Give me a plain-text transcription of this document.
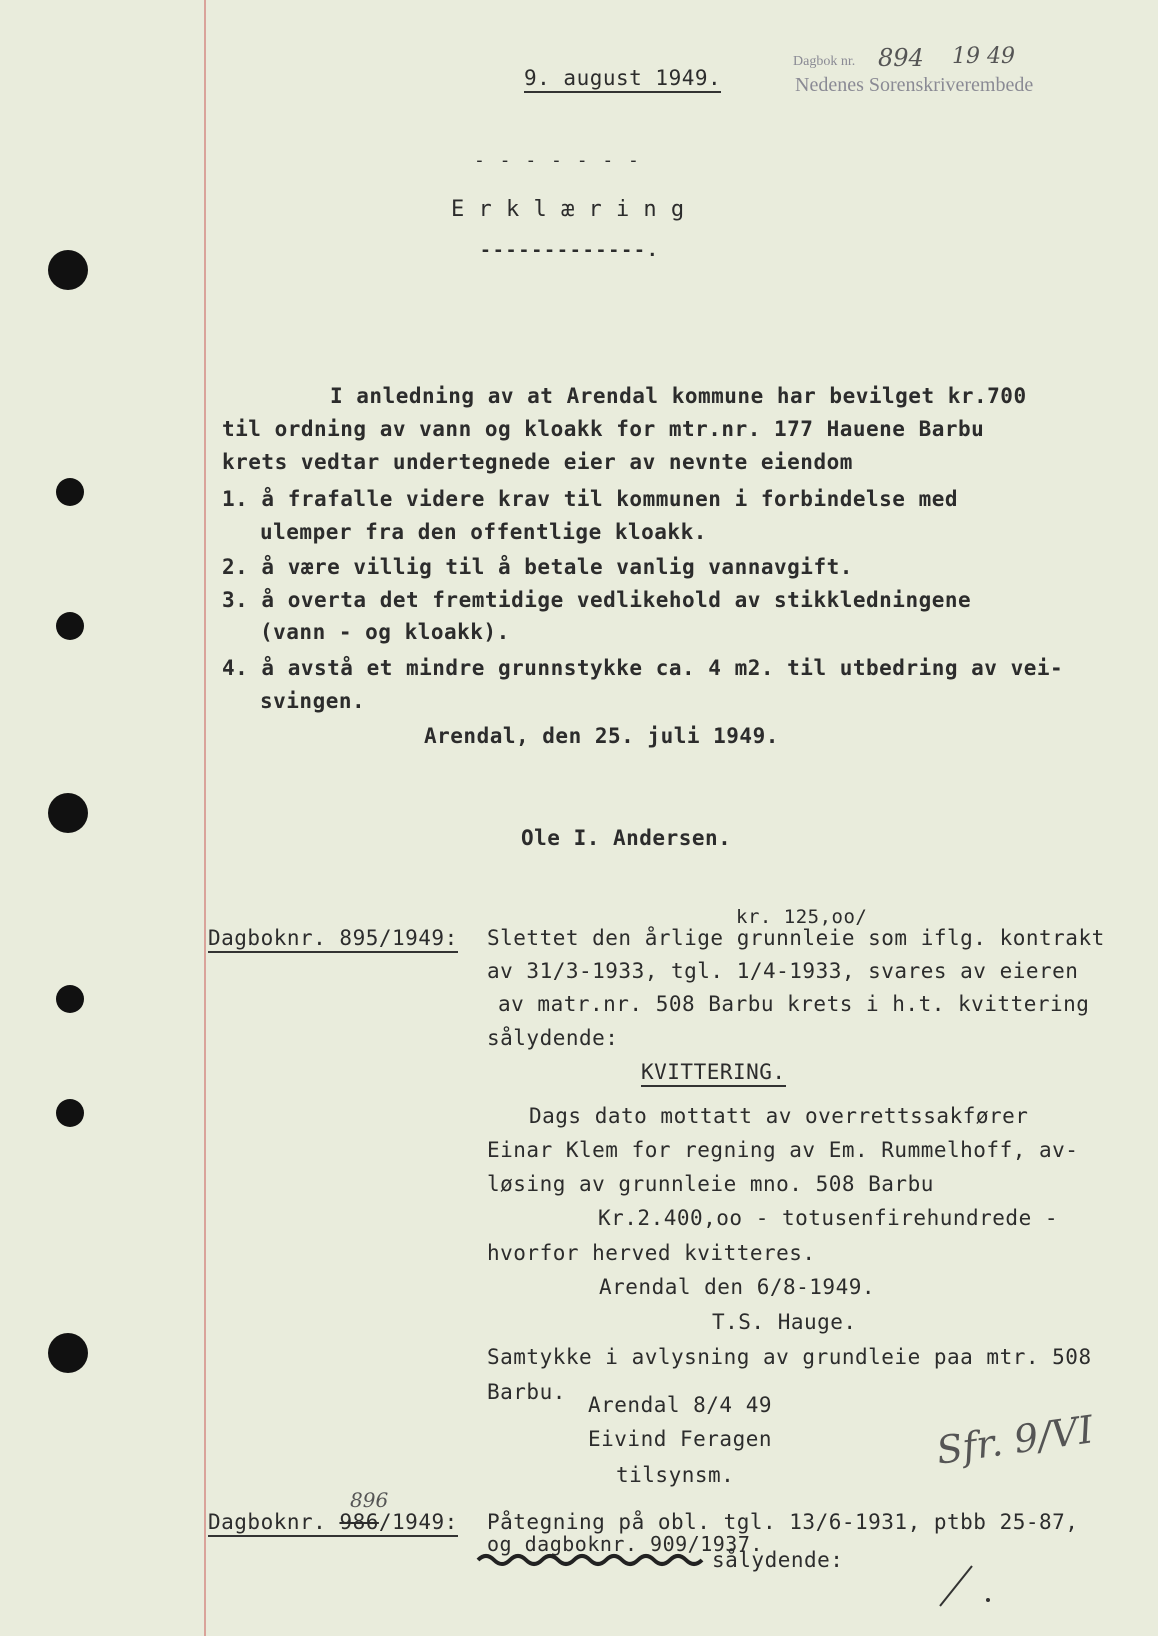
Dagbok nr. 894 19 49
Nedenes Sorenskriverembede
9. august 1949.
- - - - - - -
E r k l æ r i n g
-------------.
I anledning av at Arendal kommune har bevilget kr.700
til ordning av vann og kloakk for mtr.nr. 177 Hauene Barbu
krets vedtar undertegnede eier av nevnte eiendom
1. å frafalle videre krav til kommunen i forbindelse med
ulemper fra den offentlige kloakk.
2. å være villig til å betale vanlig vannavgift.
3. å overta det fremtidige vedlikehold av stikkledningene
(vann - og kloakk).
4. å avstå et mindre grunnstykke ca. 4 m2. til utbedring av vei-
svingen.
Arendal, den 25. juli 1949.
Ole I. Andersen.
kr. 125,oo/
Dagboknr. 895/1949: Slettet den årlige grunnleie som iflg. kontrakt
av 31/3-1933, tgl. 1/4-1933, svares av eieren
av matr.nr. 508 Barbu krets i h.t. kvittering
sålydende:
KVITTERING.
Dags dato mottatt av overrettssakfører
Einar Klem for regning av Em. Rummelhoff, av-
løsing av grunnleie mno. 508 Barbu
Kr.2.400,oo - totusenfirehundrede -
hvorfor herved kvitteres.
Arendal den 6/8-1949.
T.S. Hauge.
Samtykke i avlysning av grundleie paa mtr. 508
Barbu.
Arendal 8/4 49
Eivind Feragen
tilsynsm.
Sfr. 9/VI
896
Dagboknr. 986/1949: Påtegning på obl. tgl. 13/6-1931, ptbb 25-87,
og dagboknr. 909/1937.
sålydende:
